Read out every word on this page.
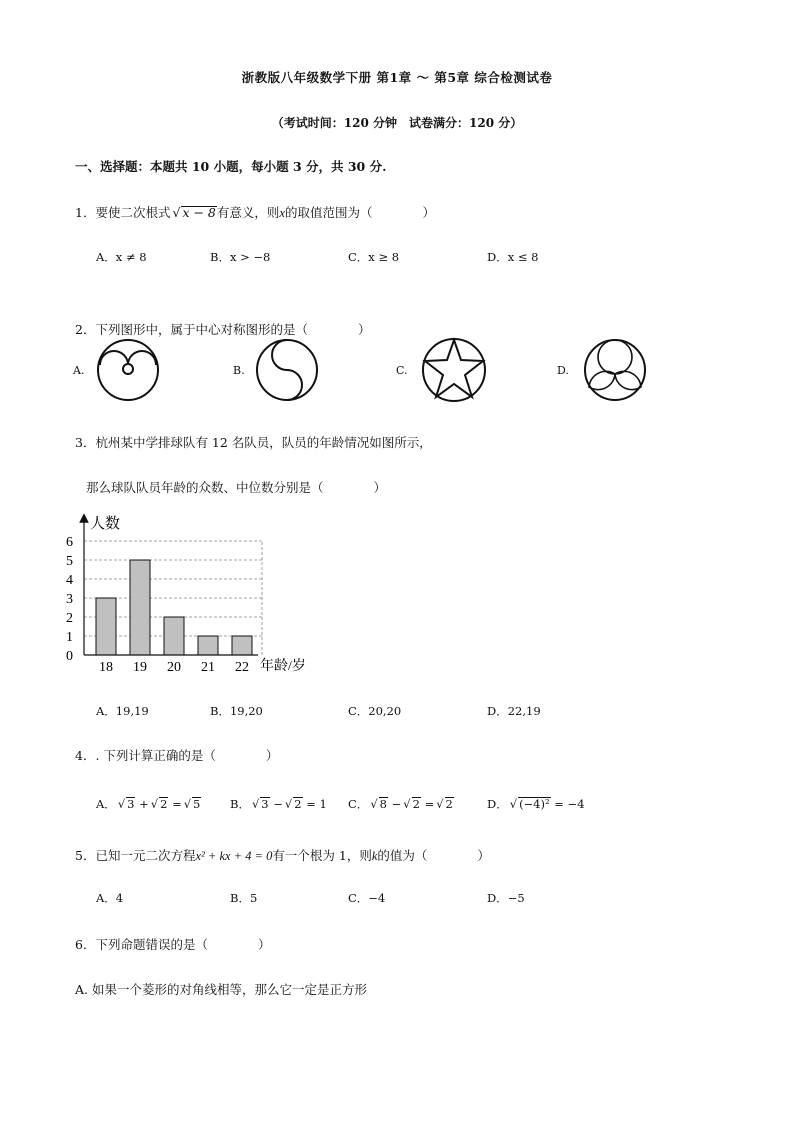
浙教版八年级数学下册 第1章 ～ 第5章 综合检测试卷
（考试时间：120 分钟　试卷满分：120 分）
一、选择题：本题共 10 小题，每小题 3 分，共 30 分.
1．要使二次根式 √ x − 8有意义，则x的取值范围为（　　　　）
A．x ≠ 8	B．x > −8	C．x ≥ 8	D．x ≤ 8
2．下列图形中，属于中心对称图形的是（　　　　）
A.	B.	C.	D.
3．杭州某中学排球队有 12 名队员，队员的年龄情况如图所示，
那么球队队员年龄的众数、中位数分别是（　　　　）
0
1
2
3
4
5
6
18 19 20 21 22
人数
年龄/岁
A．19,19	B．19,20	C．20,20	D．22,19
4．. 下列计算正确的是（　　　　）
A． √ 3 + √ 2 = √ 5	B． √ 3 − √ 2 = 1 C． √ 8 − √ 2 = √ 2	D． √ (−4)² = −4
5．已知一元二次方程x² + kx + 4 = 0有一个根为 1，则k的值为（　　　　）
A．4	B．5	C．−4	D．−5
6．下列命题错误的是（　　　　）
A. 如果一个菱形的对角线相等，那么它一定是正方形
